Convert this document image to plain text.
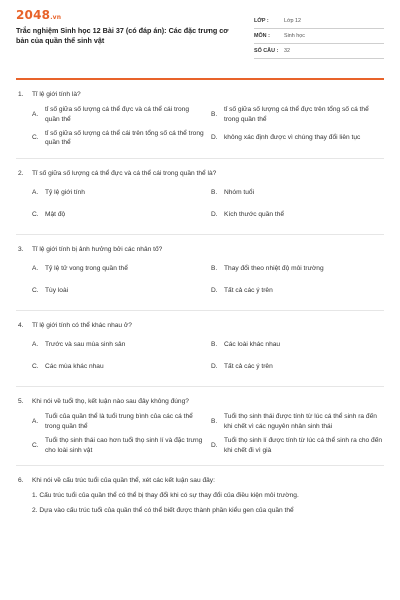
2048.vn
Trắc nghiệm Sinh học 12 Bài 37 (có đáp án): Các đặc trưng cơ bản của quần thể sinh vật
LỚP :	Lớp 12
MÔN :	Sinh học
SỐ CÂU :	32
1.	Tỉ lệ giới tính là?
A.
tỉ số giữa số lượng cá thể đực và cá thể cái trong quần thể
B.
tỉ số giữa số lượng cá thể đực trên tổng số cá thể trong quần thể
C.
tỉ số giữa số lượng cá thể cái trên tổng số cá thể trong quần thể
D. không xác định được vì chúng thay đổi liên tục
2.	Tỉ số giữa số lượng cá thể đực và cá thể cái trong quần thể là?
A.	Tỷ lệ giới tính	B.	Nhóm tuổi
C. Mật độ	D. Kích thước quần thể
3.	Tỉ lệ giới tính bị ảnh hưởng bởi các nhân tố?
A.	Tỷ lệ tử vong trong quần thể	B.	Thay đổi theo nhiệt độ môi trường
C. Tùy loài	D. Tất cả các ý trên
4.	Tỉ lệ giới tính có thể khác nhau ở?
A.	Trước và sau mùa sinh sản	B.	Các loài khác nhau
C. Các mùa khác nhau	D. Tất cả các ý trên
5.	Khi nói về tuổi thọ, kết luận nào sau đây không đúng?
A.
Tuổi của quần thể là tuổi trung bình của các cá thể trong quần thể
B.
Tuổi thọ sinh thái được tính từ lúc cá thể sinh ra đến khi chết vì các nguyên nhân sinh thái
C.
Tuổi thọ sinh thái cao hơn tuổi thọ sinh lí và đặc trưng cho loài sinh vật
D.
Tuổi thọ sinh lí được tính từ lúc cá thể sinh ra cho đến khi chết đi vì già
6.	Khi nói về cấu trúc tuổi của quần thể, xét các kết luận sau đây:
1. Cấu trúc tuổi của quần thể có thể bị thay đổi khi có sự thay đổi của điều kiện môi trường.
2. Dựa vào cấu trúc tuổi của quần thể có thể biết được thành phần kiểu gen của quần thể
